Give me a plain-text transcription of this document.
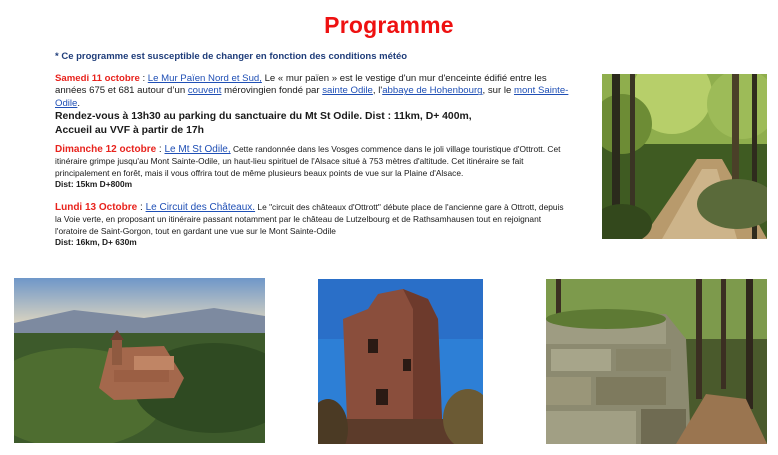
Programme
* Ce programme est susceptible de changer en fonction des conditions météo
Samedi 11 octobre : Le Mur Païen Nord et Sud, Le « mur païen » est le vestige d'un mur d'enceinte édifié entre les années 675 et 681 autour d’un couvent mérovingien fondé par sainte Odile, l'abbaye de Hohenbourg, sur le mont Sainte-Odile.
Rendez-vous à 13h30 au parking du sanctuaire du Mt St Odile. Dist : 11km, D+ 400m,
Accueil au VVF à partir de 17h
Dimanche 12 octobre : Le Mt St Odile, Cette randonnée dans les Vosges commence dans le joli village touristique d'Ottrott. Cet itinéraire grimpe jusqu'au Mont Sainte-Odile, un haut-lieu spirituel de l'Alsace situé à 753 mètres d'altitude. Cet itinéraire se fait principalement en forêt, mais il vous offrira tout de même plusieurs beaux points de vue sur la Plaine d'Alsace.
Dist: 15km D+800m
Lundi 13 Octobre : Le Circuit des Châteaux. Le "circuit des châteaux d'Ottrott" débute place de l'ancienne gare à Ottrott, depuis la Voie verte, en proposant un itinéraire passant notamment par le château de Lutzelbourg et de Rathsamhausen tout en rejoignant l'oratoire de Saint-Gorgon, tout en gardant une vue sur le Mont Sainte-Odile
Dist: 16km, D+ 630m
